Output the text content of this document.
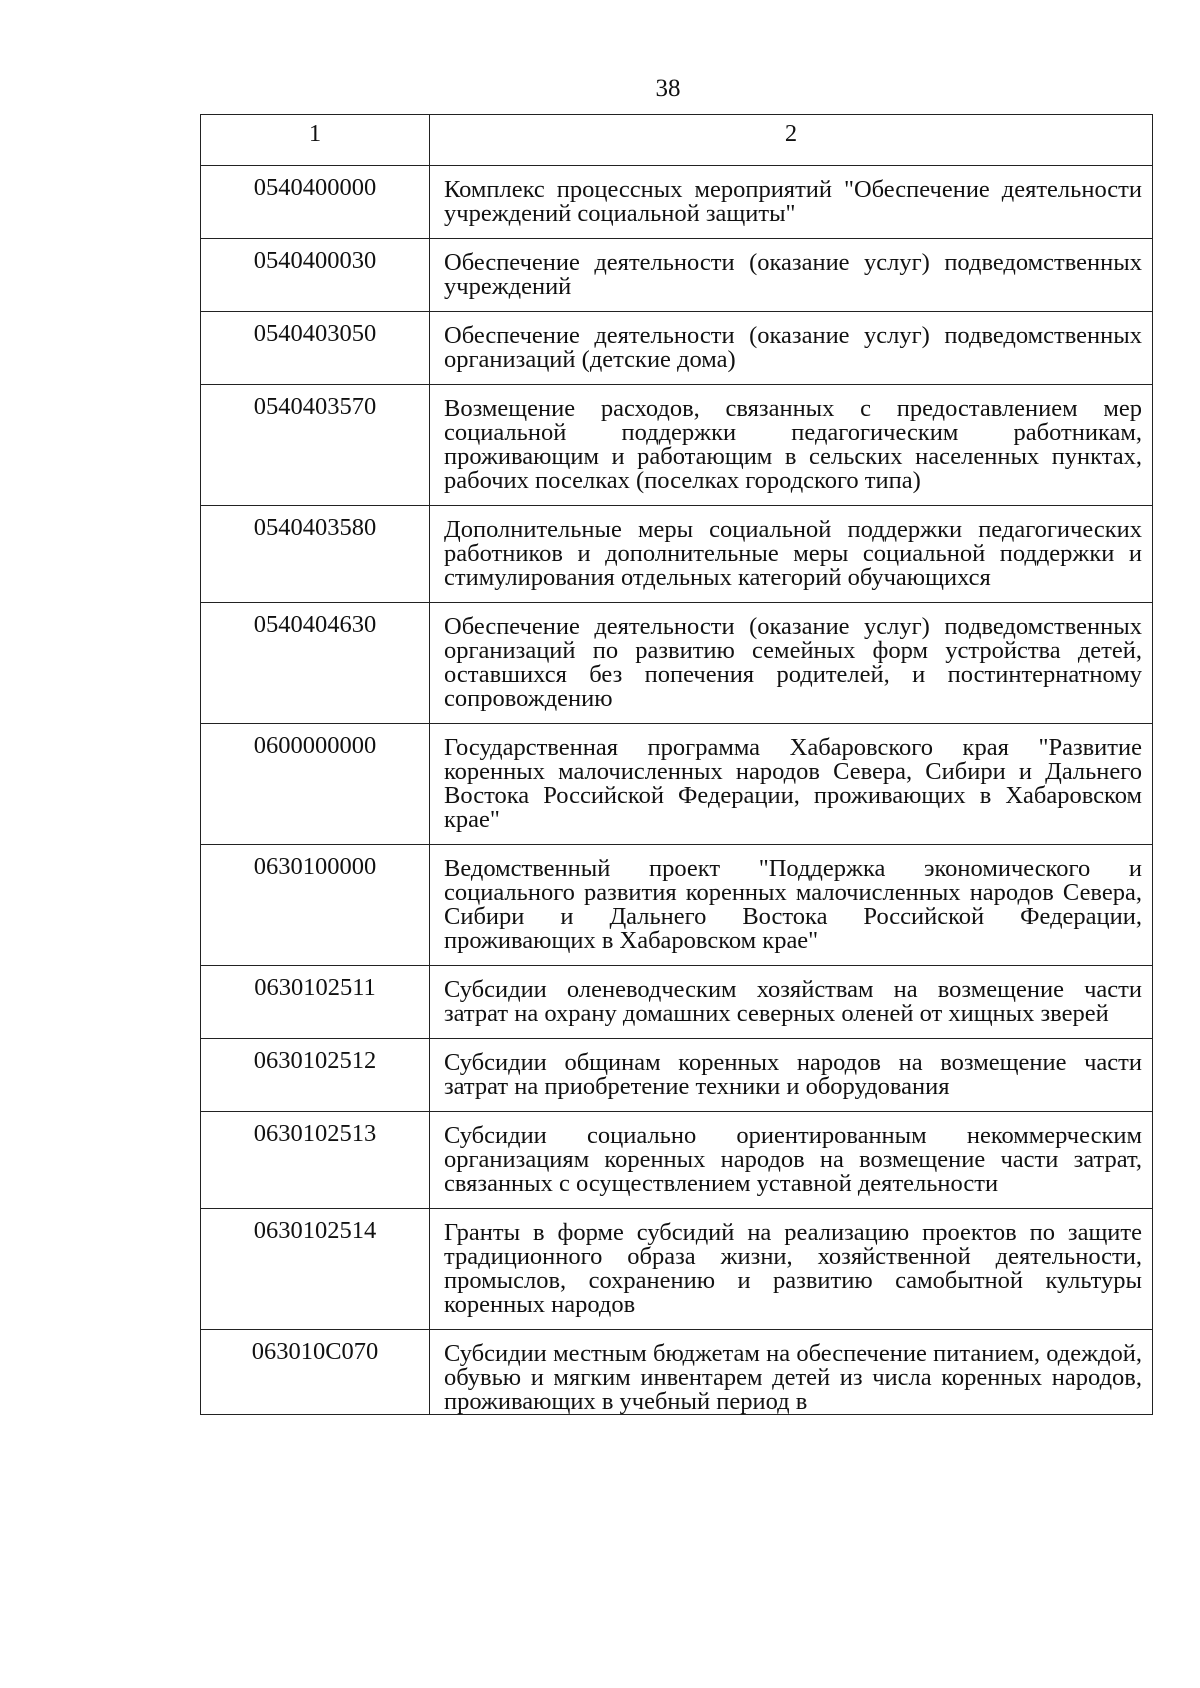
38
1	2
0540400000	Комплекс процессных мероприятий "Обеспечение деятельности учреждений социальной защиты"

0540400030	Обеспечение деятельности (оказание услуг) подведомственных учреждений

0540403050	Обеспечение деятельности (оказание услуг) подведомственных организаций (детские дома)

0540403570	Возмещение расходов, связанных с предоставлением мер социальной поддержки педагогическим работникам, проживающим и работающим в сельских населенных пунктах, рабочих поселках (поселках городского типа)

0540403580	Дополнительные меры социальной поддержки педагогических работников и дополнительные меры социальной поддержки и стимулирования отдельных категорий обучающихся

0540404630	Обеспечение деятельности (оказание услуг) подведомственных организаций по развитию семейных форм устройства детей, оставшихся без попечения родителей, и постинтернатному сопровождению

0600000000	Государственная программа Хабаровского края "Развитие коренных малочисленных народов Севера, Сибири и Дальнего Востока Российской Федерации, проживающих в Хабаровском крае"

0630100000	Ведомственный проект "Поддержка экономического и социального развития коренных малочисленных народов Севера, Сибири и Дальнего Востока Российской Федерации, проживающих в Хабаровском крае"

0630102511	Субсидии оленеводческим хозяйствам на возмещение части затрат на охрану домашних северных оленей от хищных зверей

0630102512	Субсидии общинам коренных народов на возмещение части затрат на приобретение техники и оборудования

0630102513	Субсидии социально ориентированным некоммерческим организациям коренных народов на возмещение части затрат, связанных с осуществлением уставной деятельности

0630102514	Гранты в форме субсидий на реализацию проектов по защите традиционного образа жизни, хозяйственной деятельности, промыслов, сохранению и развитию самобытной культуры коренных народов

063010С070	Субсидии местным бюджетам на обеспечение питанием, одеждой, обувью и мягким инвентарем детей из числа коренных народов, проживающих в учебный период в
